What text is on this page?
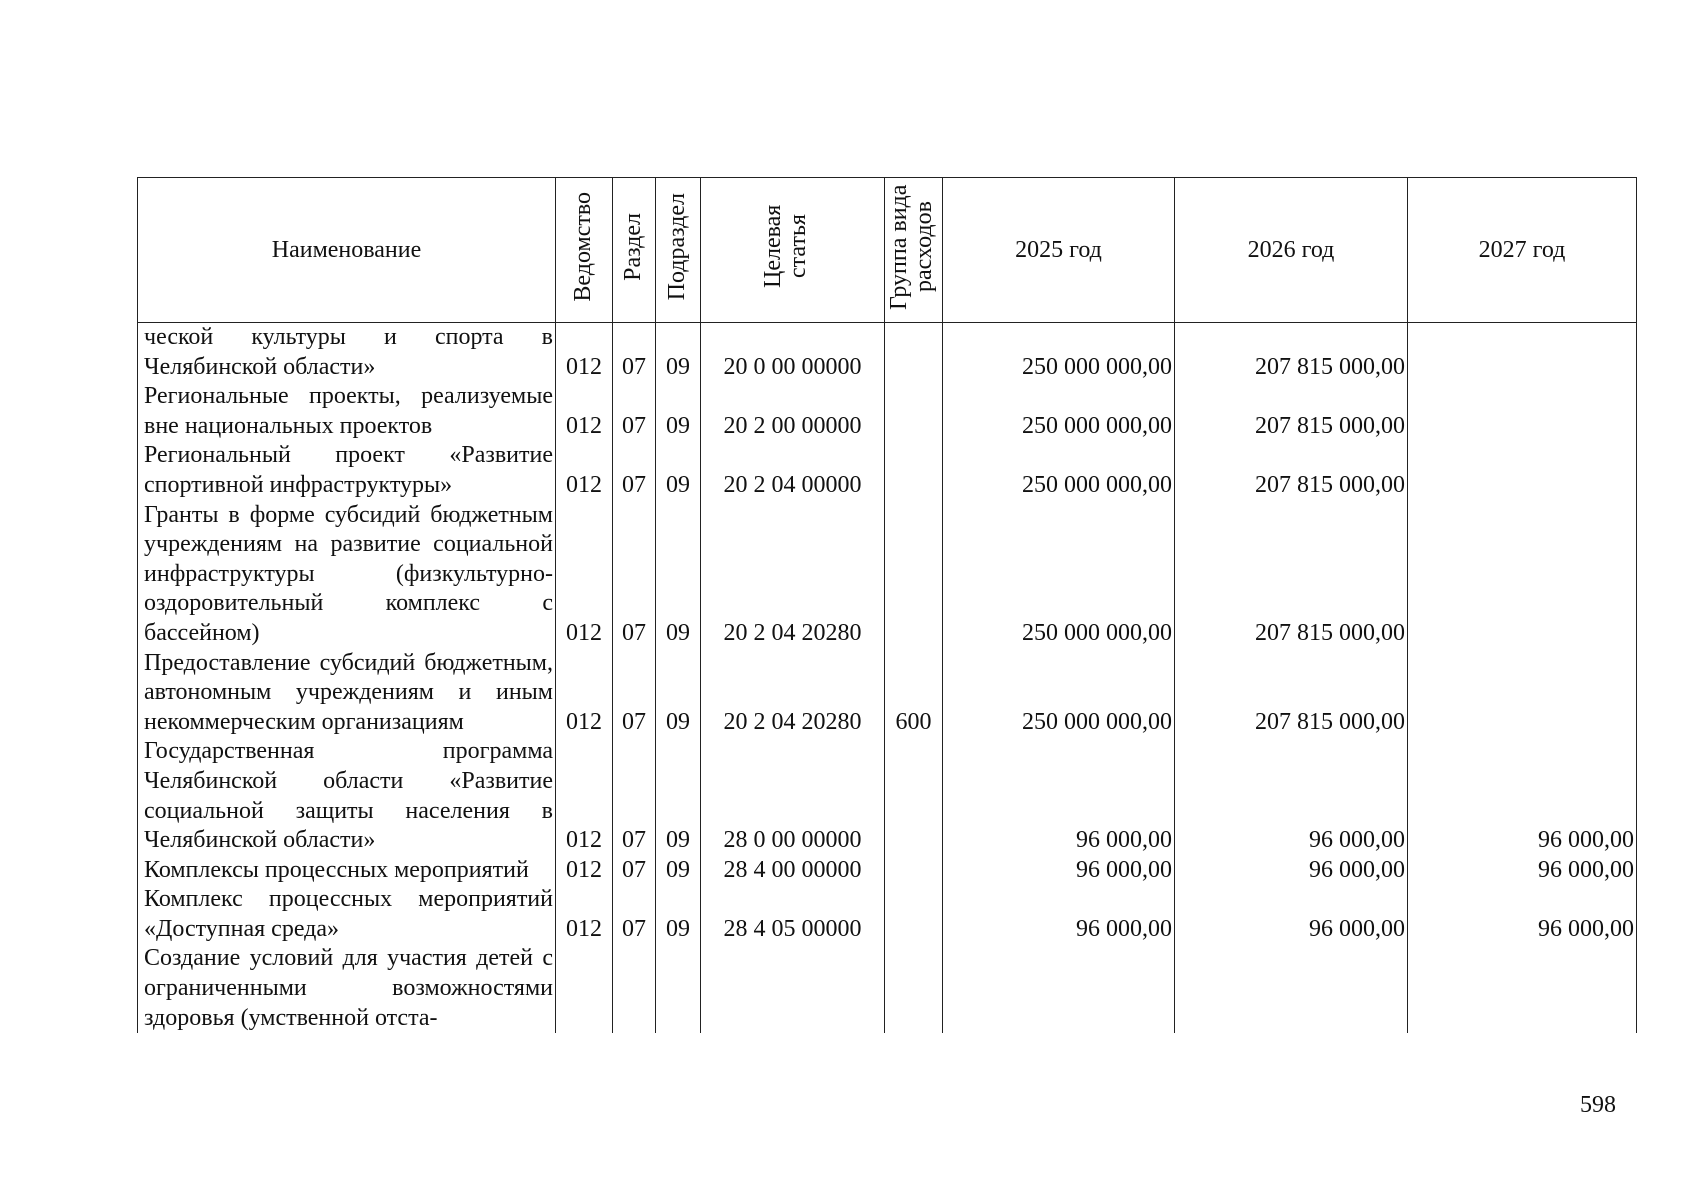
Наименование	Ведомство	Раздел	Подраздел	Целевая статья	Группа вида расходов	2025 год	2026 год	2027 год
ческой культуры и спорта в Челябинской области»	012	07	09	20 0 00 00000		250 000 000,00	207 815 000,00	
Региональные проекты, реализуемые вне национальных проектов	012	07	09	20 2 00 00000		250 000 000,00	207 815 000,00	
Региональный проект «Развитие спортивной инфраструктуры»	012	07	09	20 2 04 00000		250 000 000,00	207 815 000,00	
Гранты в форме субсидий бюджетным учреждениям на развитие социальной инфраструктуры (физкультурно-оздоровительный комплекс с бассейном)	012	07	09	20 2 04 20280		250 000 000,00	207 815 000,00	
Предоставление субсидий бюджетным, автономным учреждениям и иным некоммерческим организациям	012	07	09	20 2 04 20280	600	250 000 000,00	207 815 000,00	
Государственная программа Челябинской области «Развитие социальной защиты населения в Челябинской области»	012	07	09	28 0 00 00000		96 000,00	96 000,00	96 000,00
Комплексы процессных мероприятий	012	07	09	28 4 00 00000		96 000,00	96 000,00	96 000,00
Комплекс процессных мероприятий «Доступная среда»	012	07	09	28 4 05 00000		96 000,00	96 000,00	96 000,00
Создание условий для участия детей с ограниченными возможностями здоровья (умственной отста-								
598
